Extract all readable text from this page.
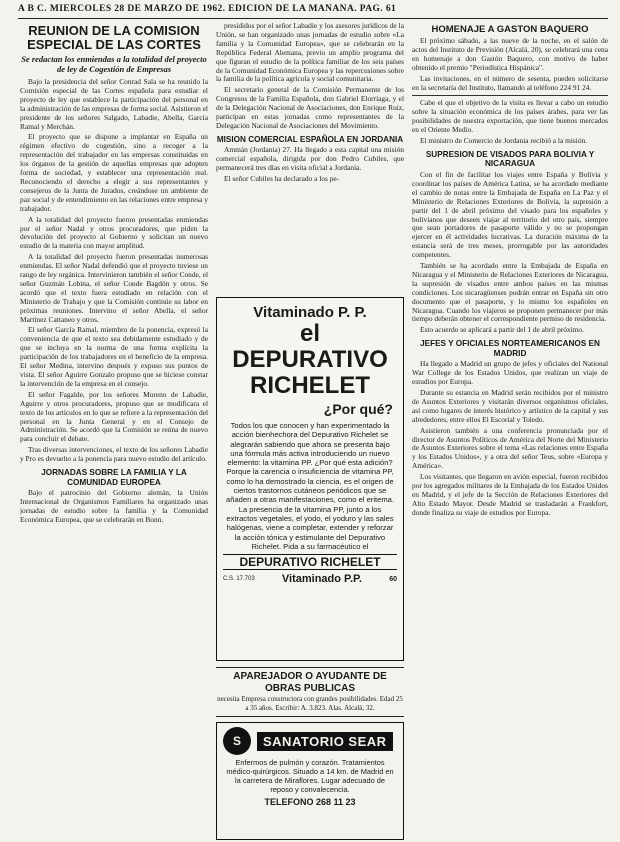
A B C. MIERCOLES 28 DE MARZO DE 1962. EDICION DE LA MAÑANA. PAG. 61
REUNION DE LA COMISION ESPECIAL DE LAS CORTES
Se redactan los enmiendas a la totalidad del proyecto de ley de Cogestión de Empresas

Bajo la presidencia del señor Conrad Sala se ha reunido la Comisión especial de las Cortes española para estudiar el proyecto de ley que establece la participación del personal en la administración de las empresas de forma social. Asistieron el presidente de los señores Salgado, Labadie, Abella, García Ramal y Merchán.

El proyecto que se dispone a implantar en España un régimen efectivo de cogestión, sino a recoger a la representación del trabajador en las empresas constituidas en los órganos de la gestión de aquellas empresas que adopten forma de sociedad, y establecer una representación real. Reconociendo el derecho a elegir a sus representantes y consejeros de la Junta de Jurados, creándose un ambiente de paz social y de entendimiento en las relaciones entre empresa y trabajador.

A la totalidad del proyecto fueron presentadas enmiendas por el señor Nadal y otros procuradores, que piden la devolución del proyecto al Gobierno y solicitan un nuevo estudio de la materia con mayor amplitud.

A la totalidad del proyecto fueron presentadas numerosas enmiendas. El señor Nadal defendió que el proyecto tuviese un rango de ley orgánica. Intervinieron también el señor Conde, el señor Guzmán Lobina, el señor Conde Bagdón y otros. Se acordó que el texto fuera estudiado en relación con el Ministerio de Trabajo y que la Comisión continúe su labor en próximas reuniones. Intervino el señor Abella, el señor Martínez Cattaneo y otros.

El señor García Ramal, miembro de la ponencia, expresó la conveniencia de que el texto sea debidamente estudiado y de que se incluya en la norma de una forma explícita la participación de los trabajadores en el beneficio de la empresa. El señor Medina, intervino después y expuso sus puntos de vista. El señor Aguirre Gonzalo propuso que se hiciese constar la intervención de la empresa en el consejo.

El señor Fagalde, por los señores Moreno de Labadie, Aguirre y otros procuradores, propuso que se modificara el texto de los artículos en lo que se refiere a la representación del personal en la Junta General y en el Consejo de Administración. Se acordó que la Comisión se reúna de nuevo para concluir el debate.

Tras diversas intervenciones, el texto de los señores Labadie y Pro es devuelto a la ponencia para nuevo estudio del artículo.

JORNADAS SOBRE LA FAMILIA Y LA COMUNIDAD EUROPEA

Bajo el patrocinio del Gobierno alemán, la Unión Internacional de Organismos Familiares ha organizado unas jornadas de estudio sobre la familia y la Comunidad Económica Europea, que se celebrarán en Bonn.

presididos por el señor Labadie y los asesores jurídicos de la Unión, se han organizado unas jornadas de estudio sobre «La familia y la Comunidad Europea», que se celebrarán en la República Federal Alemana, previo un amplio programa del que figuran el estudio de la política familiar de los seis países de la Comunidad Económica Europea y las repercusiones sobre la familia de la política agrícola y social comunitaria.

El secretario general de la Comisión Permanente de los Congresos de la Familia Española, don Gabriel Elorriaga, y el de la Delegación Nacional de Asociaciones, don Enrique Ruiz, participan en estas jornadas como representantes de la Delegación Nacional de Asociaciones del Movimiento.

MISION COMERCIAL ESPAÑOLA EN JORDANIA

Ammán (Jordania) 27. Ha llegado a esta capital una misión comercial española, dirigida por don Pedro Cubiles, que permanecerá tres días en visita oficial a Jordania.

El señor Cubiles ha declarado a los pe-

Vitaminado P. P.
el DEPURATIVO
RICHELET
¿Por qué?
Todos los que conocen y han experimentado la acción bienhechora del Depurativo Richelet se alegrarán sabiendo que ahora se presenta bajo una fórmula más activa introduciendo un nuevo elemento: la vitamina PP. ¿Por qué esta adición? Porque la carencia o insuficiencia de vitamina PP, como lo ha demostrado la ciencia, es el origen de ciertos trastornos cutáneos periódicos que se añaden a otras manifestaciones, como el eritema. La presencia de la vitamina PP, junto a los extractos vegetales, el yodo, el yoduro y las sales halógenas, viene a completar, extender y reforzar la acción tónica y estimulante del Depurativo Richelet. Pida a su farmacéutico el
DEPURATIVO RICHELET
C.S. 17.703 Vitaminado P.P.	60
APAREJADOR O AYUDANTE DE OBRAS PUBLICAS
necesita Empresa constructora con grandes posibilidades. Edad 25 a 35 años. Escribir: A. 3.823. Alas. Alcalá, 32.
S	SANATORIO SEAR
Enfermos de pulmón y corazón. Tratamientos médico-quirúrgicos. Situado a 14 km. de Madrid en la carretera de Miraflores. Lugar adecuado de reposo y convalecencia.
TELEFONO 268 11 23
HOMENAJE A GASTON BAQUERO

El próximo sábado, a las nueve de la noche, en el salón de actos del Instituto de Previsión (Alcalá, 20), se celebrará una cena en homenaje a don Gastón Baquero, con motivo de haber obtenido el premio "Periodística Hispánica".

Las invitaciones, en el número de sesenta, pueden solicitarse en la secretaría del Instituto, llamando al teléfono 224 91 24.

Cabe el que el objetivo de la visita es llevar a cabo un estudio sobre la situación económica de los países árabes, para ver las posibilidades de nuestra exportación, que tiene buenos mercados en el Oriente Medio.

El ministro de Comercio de Jordania recibió a la misión.

SUPRESION DE VISADOS PARA BOLIVIA Y NICARAGUA

Con el fin de facilitar los viajes entre España y Bolivia y coordinar los países de América Latina, se ha acordado mediante el cambio de notas entre la Embajada de España en La Paz y el Ministerio de Relaciones Exteriores de Bolivia, la supresión a partir del 1 de abril próximo del visado para los españoles y bolivianos que deseen viajar al territorio del otro país, siempre que sean portadores de pasaporte válido y no se propongan ejercer en él actividades lucrativas. La duración máxima de la estancia será de tres meses, prorrogable por las autoridades competentes.

También se ha acordado entre la Embajada de España en Nicaragua y el Ministerio de Relaciones Exteriores de Nicaragua, la supresión de visados entre ambos países en las mismas condiciones. Los nicaragüenses podrán entrar en España sin otro documento que el pasaporte, y lo mismo los españoles en Nicaragua. Cuando los viajeros se proponen permanecer por más tiempo deberán obtener el correspondiente permiso de residencia.

Esto acuerdo se aplicará a partir del 1 de abril próximo.

JEFES Y OFICIALES NORTEAMERICANOS EN MADRID

Ha llegado a Madrid un grupo de jefes y oficiales del National War College de los Estados Unidos, que realizan un viaje de estudios por Europa.

Durante su estancia en Madrid serán recibidos por el ministro de Asuntos Exteriores y visitarán diversos organismos oficiales, así como lugares de interés histórico y artístico de la capital y sus alrededores, entre ellos El Escorial y Toledo.

Asistieron también a una conferencia pronunciada por el director de Asuntos Políticos de América del Norte del Ministerio de Asuntos Exteriores sobre el tema «Las relaciones entre España y los Estados Unidos», y a otra del señor Teus, sobre «Europa y América».

Los visitantes, que llegaron en avión especial, fueron recibidos por los agregados militares de la Embajada de los Estados Unidos en Madrid, y el jefe de la Sección de Relaciones Exteriores del Alto Estado Mayor. Desde Madrid se trasladarán a Frankfort, donde finaliza su viaje de estudios por Europa.
